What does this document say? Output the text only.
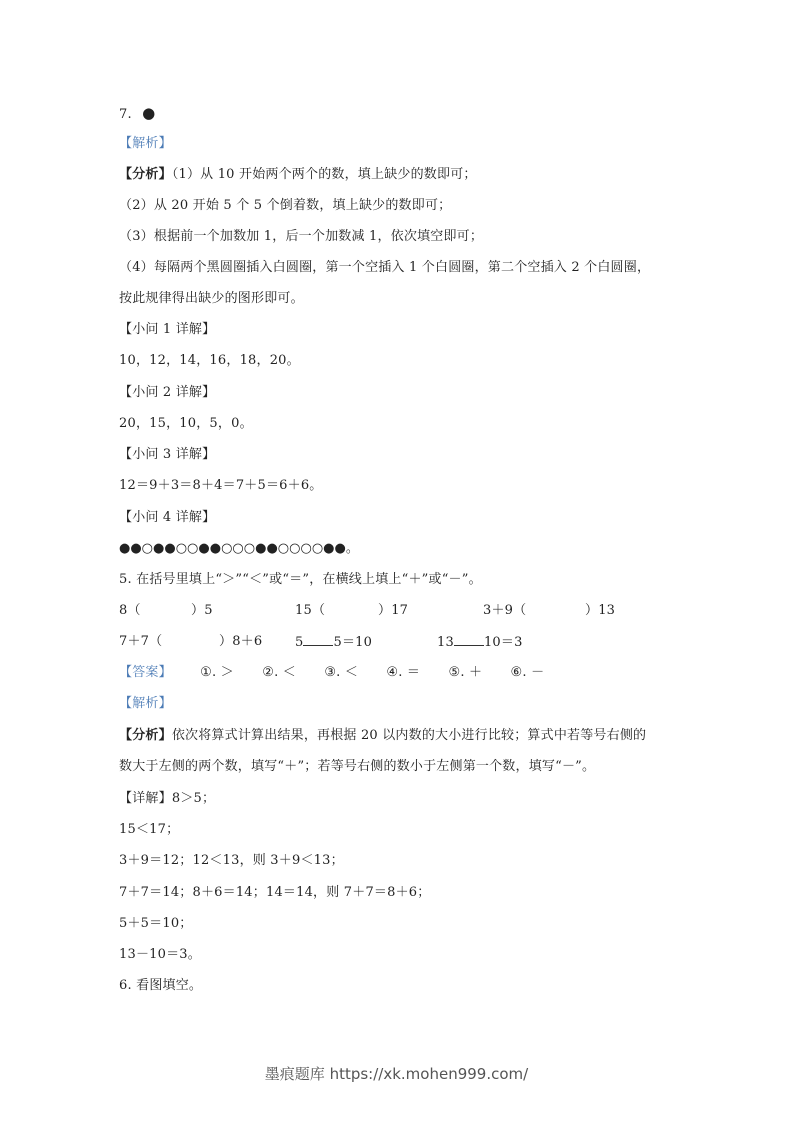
7. ●
【解析】
【分析】（1）从 10 开始两个两个的数，填上缺少的数即可；
（2）从 20 开始 5 个 5 个倒着数，填上缺少的数即可；
（3）根据前一个加数加 1，后一个加数减 1，依次填空即可；
（4）每隔两个黑圆圈插入白圆圈，第一个空插入 1 个白圆圈，第二个空插入 2 个白圆圈，
按此规律得出缺少的图形即可。
【小问 1 详解】
10，12，14，16，18，20。
【小问 2 详解】
20，15，10，5，0。
【小问 3 详解】
12＝9＋3＝8＋4＝7＋5＝6＋6。
【小问 4 详解】
●●○●●○○●●○○○●●○○○○●●。
5. 在括号里填上“＞”“＜”或“＝”，在横线上填上“＋”或“－”。
8（	）5	15（	）17	3＋9（	）13
7＋7（	）8＋6	5 5＝10	13 10＝3
【答案】 ①. ＞ ②. ＜ ③. ＜ ④. ＝ ⑤. ＋ ⑥. －
【解析】
【分析】依次将算式计算出结果，再根据 20 以内数的大小进行比较；算式中若等号右侧的
数大于左侧的两个数，填写“＋”；若等号右侧的数小于左侧第一个数，填写“－”。
【详解】8＞5；
15＜17；
3＋9＝12；12＜13，则 3＋9＜13；
7＋7＝14；8＋6＝14；14＝14，则 7＋7＝8＋6；
5＋5＝10；
13－10＝3。
6. 看图填空。
墨痕题库 https://xk.mohen999.com/
